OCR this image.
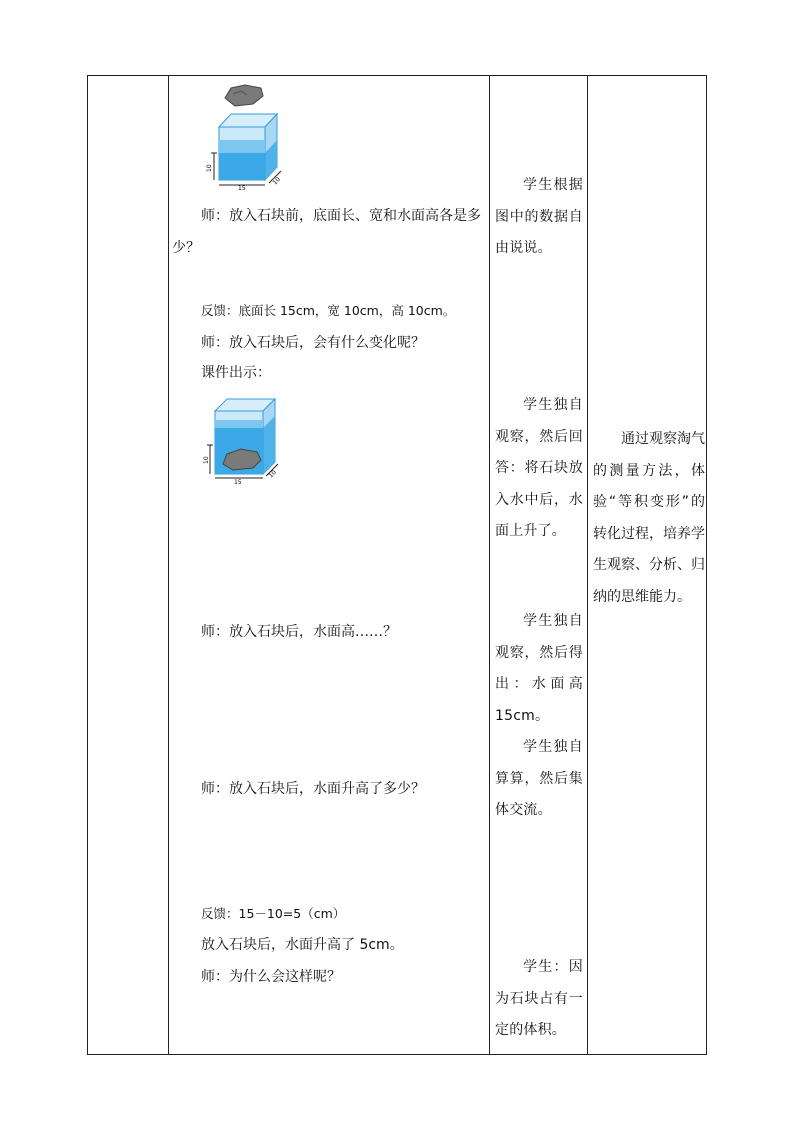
10
15
10
师：放入石块前，底面长、宽和水面高各是多
少？
反馈：底面长 15cm，宽 10cm，高 10cm。
师：放入石块后，会有什么变化呢？
课件出示：
10
15
10
师：放入石块后，水面高……？
师：放入石块后，水面升高了多少？
反馈：15－10=5（cm）
放入石块后，水面升高了 5cm。
师：为什么会这样呢？

学生根据图中的数据自由说说。

学生独自观察，然后回答：将石块放入水中后，水面上升了。

学生独自观察，然后得出：水面高15cm。

学生独自算算，然后集体交流。

学生：因为石块占有一定的体积。

通过观察淘气的测量方法，体验“等积变形”的转化过程，培养学生观察、分析、归纳的思维能力。
